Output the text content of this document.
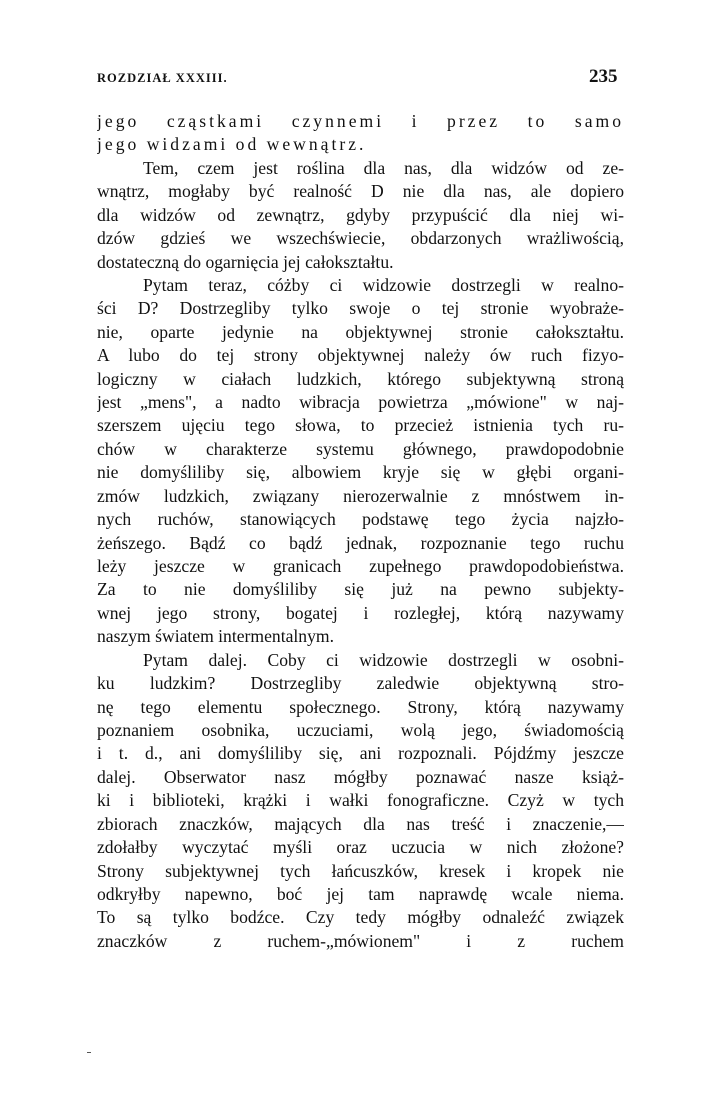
ROZDZIAŁ XXXIII.	235
jego cząstkami czynnemi i przez to samo
jego widzami od wewnątrz.
Tem, czem jest roślina dla nas, dla widzów od ze-
wnątrz, mogłaby być realność D nie dla nas, ale dopiero
dla widzów od zewnątrz, gdyby przypuścić dla niej wi-
dzów gdzieś we wszechświecie, obdarzonych wrażliwością,
dostateczną do ogarnięcia jej całokształtu.
Pytam teraz, cóżby ci widzowie dostrzegli w realno-
ści D? Dostrzegliby tylko swoje o tej stronie wyobraże-
nie, oparte jedynie na objektywnej stronie całokształtu.
A lubo do tej strony objektywnej należy ów ruch fizyo-
logiczny w ciałach ludzkich, którego subjektywną stroną
jest „mens", a nadto wibracja powietrza „mówione" w naj-
szerszem ujęciu tego słowa, to przecież istnienia tych ru-
chów w charakterze systemu głównego, prawdopodobnie
nie domyśliliby się, albowiem kryje się w głębi organi-
zmów ludzkich, związany nierozerwalnie z mnóstwem in-
nych ruchów, stanowiących podstawę tego życia najzło-
żeńszego. Bądź co bądź jednak, rozpoznanie tego ruchu
leży jeszcze w granicach zupełnego prawdopodobieństwa.
Za to nie domyśliliby się już na pewno subjekty-
wnej jego strony, bogatej i rozległej, którą nazywamy
naszym światem intermentalnym.
Pytam dalej. Coby ci widzowie dostrzegli w osobni-
ku ludzkim? Dostrzegliby zaledwie objektywną stro-
nę tego elementu społecznego. Strony, którą nazywamy
poznaniem osobnika, uczuciami, wolą jego, świadomością
i t. d., ani domyśliliby się, ani rozpoznali. Pójdźmy jeszcze
dalej. Obserwator nasz mógłby poznawać nasze książ-
ki i biblioteki, krążki i wałki fonograficzne. Czyż w tych
zbiorach znaczków, mających dla nas treść i znaczenie,—
zdołałby wyczytać myśli oraz uczucia w nich złożone?
Strony subjektywnej tych łańcuszków, kresek i kropek nie
odkryłby napewno, boć jej tam naprawdę wcale niema.
To są tylko bodźce. Czy tedy mógłby odnaleźć związek
znaczków z ruchem-„mówionem" i z ruchem
